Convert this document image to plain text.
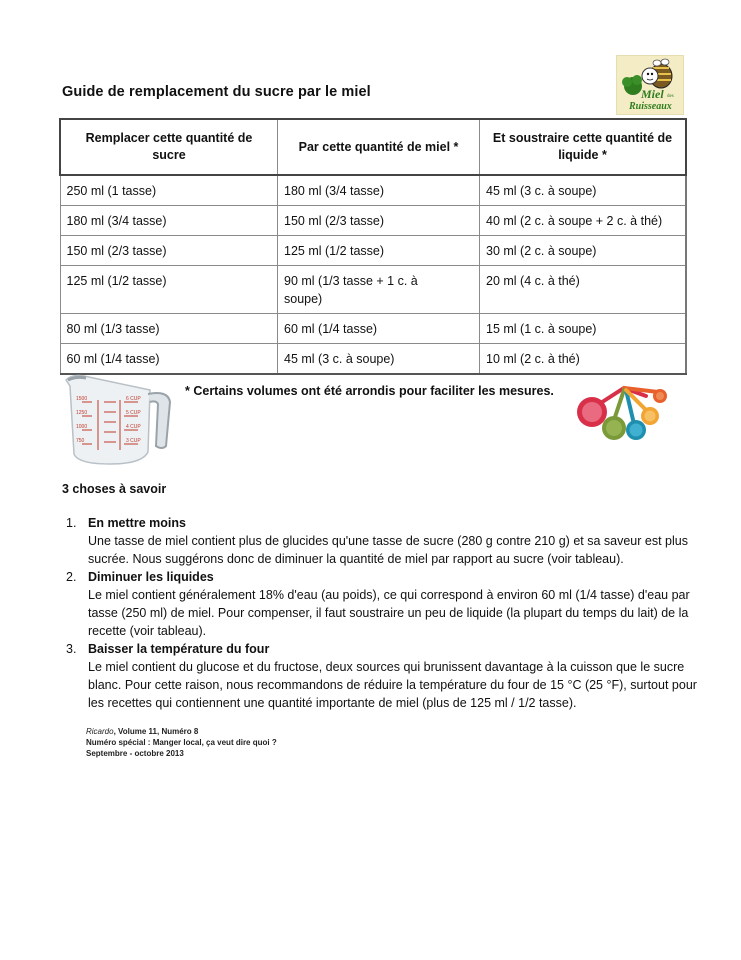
Guide de remplacement du sucre par le miel	Miel des
Ruisseaux
Remplacer cette quantité de sucre	Par cette quantité de miel *	Et soustraire cette quantité de liquide *
250 ml (1 tasse)	180 ml (3/4 tasse)	45 ml (3 c. à soupe)
180 ml (3/4 tasse)	150 ml (2/3 tasse)	40 ml (2 c. à soupe + 2 c. à thé)
150 ml (2/3 tasse)	125 ml (1/2 tasse)	30 ml (2 c. à soupe)
125 ml (1/2 tasse)	90 ml (1/3 tasse + 1 c. à soupe)	20 ml (4 c. à thé)
80 ml (1/3 tasse)	60 ml (1/4 tasse)	15 ml (1 c. à soupe)
60 ml (1/4 tasse)	45 ml (3 c. à soupe)	10 ml (2 c. à thé)
1500
1250
1000
750
6 CUP
5 CUP
4 CUP
3 CUP
* Certains volumes ont été arrondis pour faciliter les mesures.
3 choses à savoir
1. En mettre moins
Une tasse de miel contient plus de glucides qu'une tasse de sucre (280 g contre 210 g) et sa saveur est plus sucrée. Nous suggérons donc de diminuer la quantité de miel par rapport au sucre (voir tableau).
2. Diminuer les liquides
Le miel contient généralement 18% d'eau (au poids), ce qui correspond à environ 60 ml (1/4 tasse) d'eau par tasse (250 ml) de miel. Pour compenser, il faut soustraire un peu de liquide (la plupart du temps du lait) de la recette (voir tableau).
3. Baisser la température du four
Le miel contient du glucose et du fructose, deux sources qui brunissent davantage à la cuisson que le sucre blanc. Pour cette raison, nous recommandons de réduire la température du four de 15 °C (25 °F), surtout pour les recettes qui contiennent une quantité importante de miel (plus de 125 ml / 1/2 tasse).
Ricardo, Volume 11, Numéro 8
Numéro spécial : Manger local, ça veut dire quoi ?
Septembre - octobre 2013
